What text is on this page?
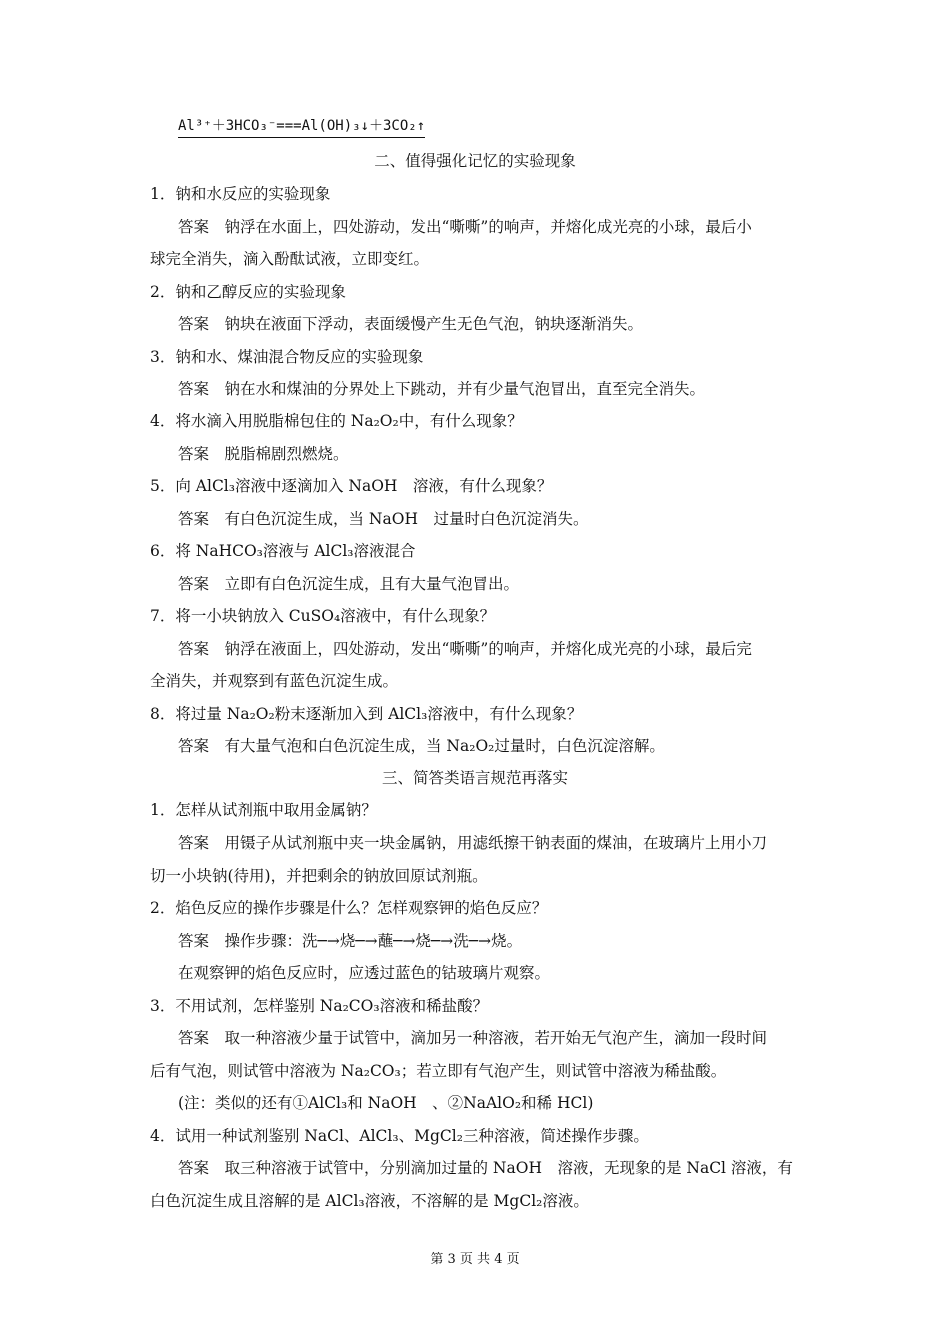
Al³⁺＋3HCO₃⁻===Al(OH)₃↓＋3CO₂↑
二、值得强化记忆的实验现象
1．钠和水反应的实验现象
答案　钠浮在水面上，四处游动，发出“嘶嘶”的响声，并熔化成光亮的小球，最后小
球完全消失，滴入酚酞试液，立即变红。
2．钠和乙醇反应的实验现象
答案　钠块在液面下浮动，表面缓慢产生无色气泡，钠块逐渐消失。
3．钠和水、煤油混合物反应的实验现象
答案　钠在水和煤油的分界处上下跳动，并有少量气泡冒出，直至完全消失。
4．将水滴入用脱脂棉包住的 Na₂O₂中，有什么现象？
答案　脱脂棉剧烈燃烧。
5．向 AlCl₃溶液中逐滴加入 NaOH　溶液，有什么现象？
答案　有白色沉淀生成，当 NaOH　过量时白色沉淀消失。
6．将 NaHCO₃溶液与 AlCl₃溶液混合
答案　立即有白色沉淀生成，且有大量气泡冒出。
7．将一小块钠放入 CuSO₄溶液中，有什么现象？
答案　钠浮在液面上，四处游动，发出“嘶嘶”的响声，并熔化成光亮的小球，最后完
全消失，并观察到有蓝色沉淀生成。
8．将过量 Na₂O₂粉末逐渐加入到 AlCl₃溶液中，有什么现象？
答案　有大量气泡和白色沉淀生成，当 Na₂O₂过量时，白色沉淀溶解。
三、简答类语言规范再落实
1．怎样从试剂瓶中取用金属钠？
答案　用镊子从试剂瓶中夹一块金属钠，用滤纸擦干钠表面的煤油，在玻璃片上用小刀
切一小块钠(待用)，并把剩余的钠放回原试剂瓶。
2．焰色反应的操作步骤是什么？怎样观察钾的焰色反应？
答案　操作步骤：洗─→烧─→蘸─→烧─→洗─→烧。
在观察钾的焰色反应时，应透过蓝色的钴玻璃片观察。
3．不用试剂，怎样鉴别 Na₂CO₃溶液和稀盐酸？
答案　取一种溶液少量于试管中，滴加另一种溶液，若开始无气泡产生，滴加一段时间
后有气泡，则试管中溶液为 Na₂CO₃；若立即有气泡产生，则试管中溶液为稀盐酸。
(注：类似的还有①AlCl₃和 NaOH　、②NaAlO₂和稀 HCl)
4．试用一种试剂鉴别 NaCl、AlCl₃、MgCl₂三种溶液，简述操作步骤。
答案　取三种溶液于试管中，分别滴加过量的 NaOH　溶液，无现象的是 NaCl 溶液，有
白色沉淀生成且溶解的是 AlCl₃溶液，不溶解的是 MgCl₂溶液。
第 3 页 共 4 页
